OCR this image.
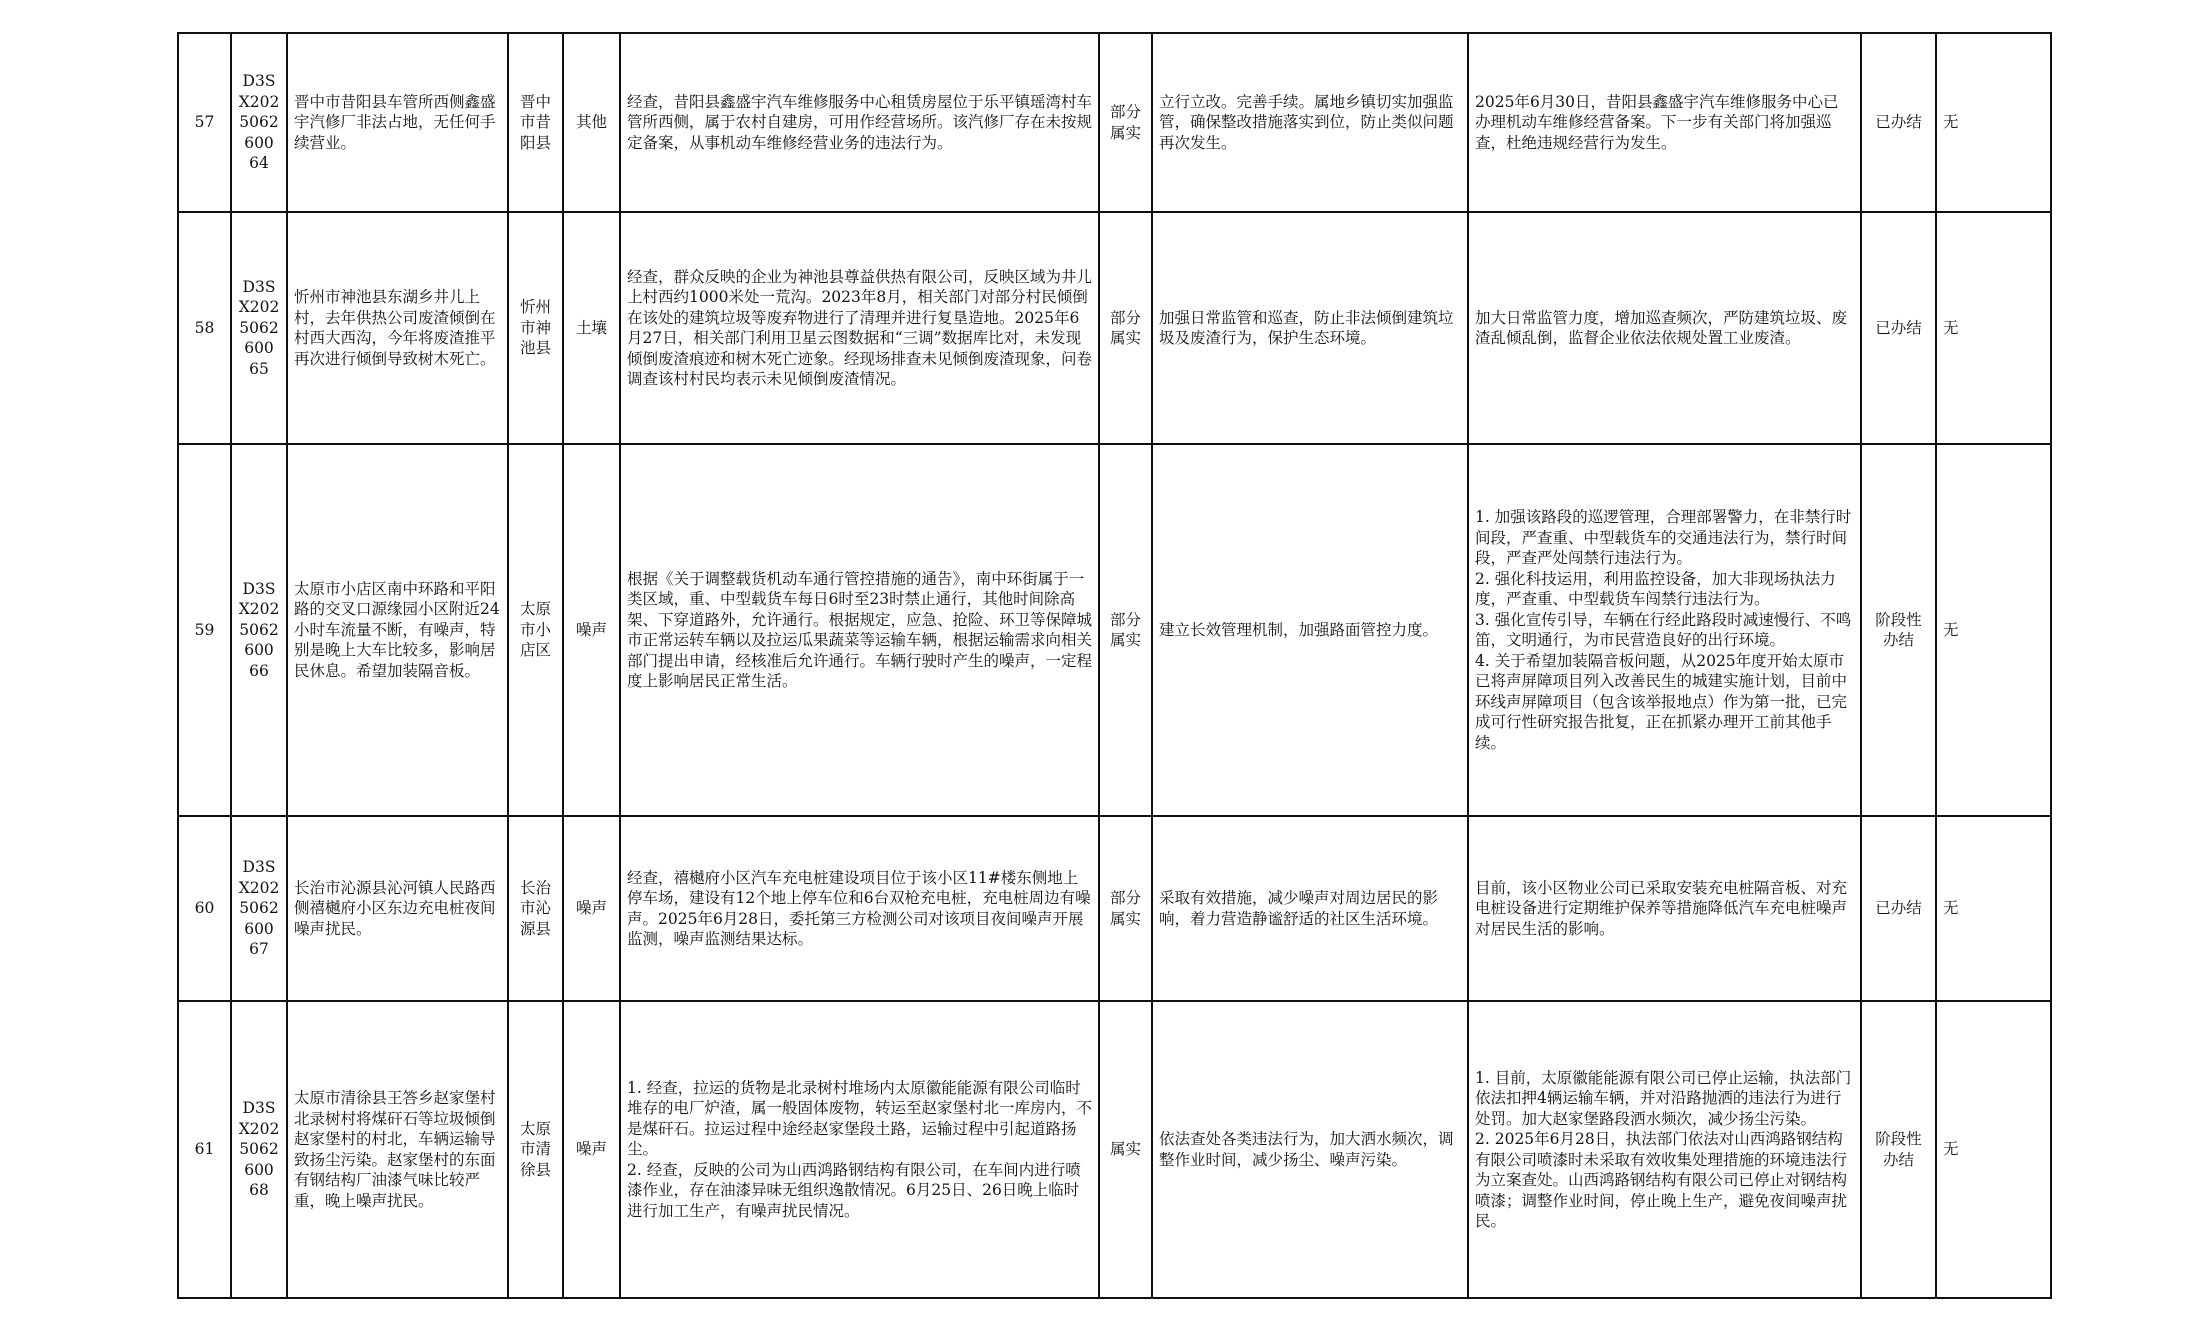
57	D3SX2025062600 64	晋中市昔阳县车管所西侧鑫盛宇汽修厂非法占地，无任何手续营业。	晋中市昔阳县	其他	经查，昔阳县鑫盛宇汽车维修服务中心租赁房屋位于乐平镇瑶湾村车管所西侧，属于农村自建房，可用作经营场所。该汽修厂存在未按规定备案，从事机动车维修经营业务的违法行为。	部分属实	立行立改。完善手续。属地乡镇切实加强监管，确保整改措施落实到位，防止类似问题再次发生。	2025年6月30日，昔阳县鑫盛宇汽车维修服务中心已办理机动车维修经营备案。下一步有关部门将加强巡查，杜绝违规经营行为发生。	已办结	无
58	D3SX2025062600 65	忻州市神池县东湖乡井儿上村，去年供热公司废渣倾倒在村西大西沟，今年将废渣推平再次进行倾倒导致树木死亡。	忻州市神池县	土壤	经查，群众反映的企业为神池县尊益供热有限公司，反映区域为井儿上村西约1000米处一荒沟。2023年8月，相关部门对部分村民倾倒在该处的建筑垃圾等废弃物进行了清理并进行复垦造地。2025年6月27日，相关部门利用卫星云图数据和“三调”数据库比对，未发现倾倒废渣痕迹和树木死亡迹象。经现场排查未见倾倒废渣现象，问卷调查该村村民均表示未见倾倒废渣情况。	部分属实	加强日常监管和巡查，防止非法倾倒建筑垃圾及废渣行为，保护生态环境。	加大日常监管力度，增加巡查频次，严防建筑垃圾、废渣乱倾乱倒，监督企业依法依规处置工业废渣。	已办结	无
59	D3SX2025062600 66	太原市小店区南中环路和平阳路的交叉口源缘园小区附近24小时车流量不断，有噪声，特别是晚上大车比较多，影响居民休息。希望加装隔音板。	太原市小店区	噪声	根据《关于调整载货机动车通行管控措施的通告》，南中环街属于一类区域，重、中型载货车每日6时至23时禁止通行，其他时间除高架、下穿道路外，允许通行。根据规定，应急、抢险、环卫等保障城市正常运转车辆以及拉运瓜果蔬菜等运输车辆，根据运输需求向相关部门提出申请，经核准后允许通行。车辆行驶时产生的噪声，一定程度上影响居民正常生活。	部分属实	建立长效管理机制，加强路面管控力度。	1. 加强该路段的巡逻管理，合理部署警力，在非禁行时间段，严查重、中型载货车的交通违法行为，禁行时间段，严查严处闯禁行违法行为。
2. 强化科技运用，利用监控设备，加大非现场执法力度，严查重、中型载货车闯禁行违法行为。
3. 强化宣传引导，车辆在行经此路段时减速慢行、不鸣笛，文明通行，为市民营造良好的出行环境。
4. 关于希望加装隔音板问题，从2025年度开始太原市已将声屏障项目列入改善民生的城建实施计划，目前中环线声屏障项目（包含该举报地点）作为第一批，已完成可行性研究报告批复，正在抓紧办理开工前其他手续。	阶段性办结	无
60	D3SX2025062600 67	长治市沁源县沁河镇人民路西侧禧樾府小区东边充电桩夜间噪声扰民。	长治市沁源县	噪声	经查，禧樾府小区汽车充电桩建设项目位于该小区11#楼东侧地上停车场，建设有12个地上停车位和6台双枪充电桩，充电桩周边有噪声。2025年6月28日，委托第三方检测公司对该项目夜间噪声开展监测，噪声监测结果达标。	部分属实	采取有效措施，减少噪声对周边居民的影响，着力营造静谧舒适的社区生活环境。	目前，该小区物业公司已采取安装充电桩隔音板、对充电桩设备进行定期维护保养等措施降低汽车充电桩噪声对居民生活的影响。	已办结	无
61	D3SX2025062600 68	太原市清徐县王答乡赵家堡村北录树村将煤矸石等垃圾倾倒赵家堡村的村北，车辆运输导致扬尘污染。赵家堡村的东面有钢结构厂油漆气味比较严重，晚上噪声扰民。	太原市清徐县	噪声	1. 经查，拉运的货物是北录树村堆场内太原徽能能源有限公司临时堆存的电厂炉渣，属一般固体废物，转运至赵家堡村北一库房内，不是煤矸石。拉运过程中途经赵家堡段土路，运输过程中引起道路扬尘。
2. 经查，反映的公司为山西鸿路钢结构有限公司，在车间内进行喷漆作业，存在油漆异味无组织逸散情况。6月25日、26日晚上临时进行加工生产，有噪声扰民情况。	属实	依法查处各类违法行为，加大洒水频次，调整作业时间，减少扬尘、噪声污染。	1. 目前，太原徽能能源有限公司已停止运输，执法部门依法扣押4辆运输车辆，并对沿路抛洒的违法行为进行处罚。加大赵家堡路段洒水频次，减少扬尘污染。
2. 2025年6月28日，执法部门依法对山西鸿路钢结构有限公司喷漆时未采取有效收集处理措施的环境违法行为立案查处。山西鸿路钢结构有限公司已停止对钢结构喷漆；调整作业时间，停止晚上生产，避免夜间噪声扰民。	阶段性办结	无
